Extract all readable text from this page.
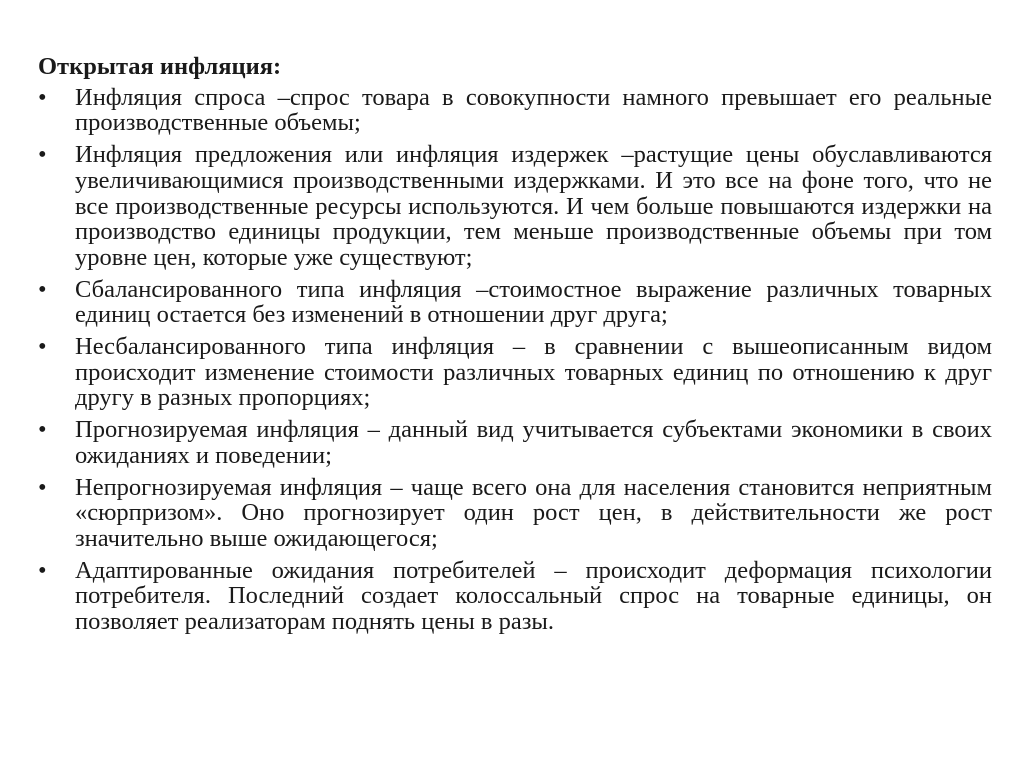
Открытая инфляция:
•	Инфляция спроса –спрос товара в совокупности намного превышает его реальные производственные объемы;
•	Инфляция предложения или инфляция издержек –растущие цены обуславливаются увеличивающимися производственными издержками. И это все на фоне того, что не все производственные ресурсы используются. И чем больше повышаются издержки на производство единицы продукции, тем меньше производственные объемы при том уровне цен, которые уже существуют;
•	Сбалансированного типа инфляция –стоимостное выражение различных товарных единиц остается без изменений в отношении друг друга;
•	Несбалансированного типа инфляция – в сравнении с вышеописанным видом происходит изменение стоимости различных товарных единиц по отношению к друг другу в разных пропорциях;
•	Прогнозируемая инфляция – данный вид учитывается субъектами экономики в своих ожиданиях и поведении;
•	Непрогнозируемая инфляция – чаще всего она для населения становится неприятным «сюрпризом». Оно прогнозирует один рост цен, в действительности же рост значительно выше ожидающегося;
•	Адаптированные ожидания потребителей – происходит деформация психологии потребителя. Последний создает колоссальный спрос на товарные единицы, он позволяет реализаторам поднять цены в разы.
